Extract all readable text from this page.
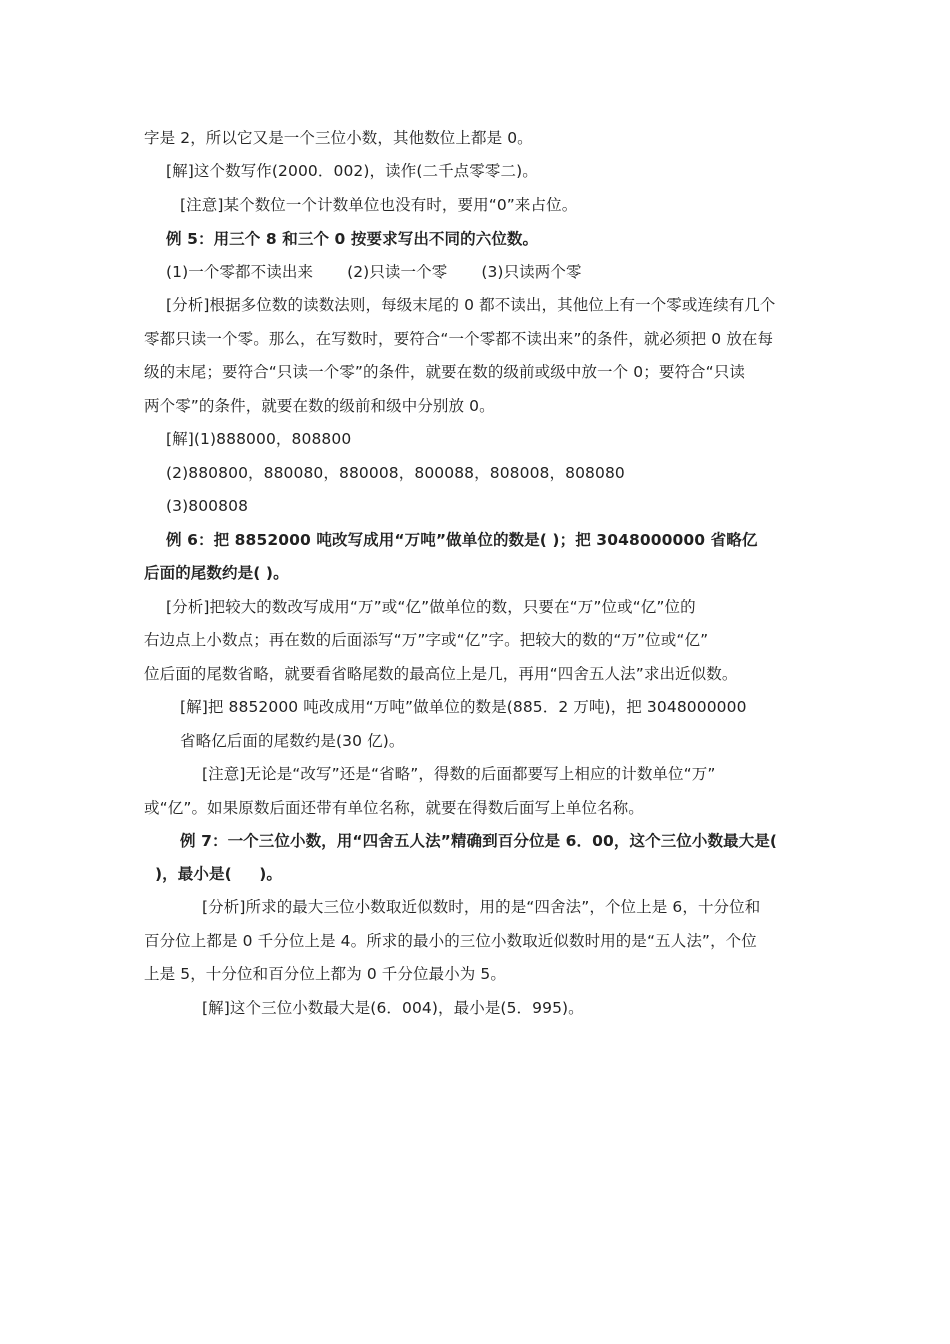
字是 2，所以它又是一个三位小数，其他数位上都是 0。
[解]这个数写作(2000．002)，读作(二千点零零二)。
[注意]某个数位一个计数单位也没有时，要用“0”来占位。
例 5：用三个 8 和三个 0 按要求写出不同的六位数。
(1)一个零都不读出来 (2)只读一个零 (3)只读两个零
[分析]根据多位数的读数法则，每级末尾的 0 都不读出，其他位上有一个零或连续有几个
零都只读一个零。那么，在写数时，要符合“一个零都不读出来”的条件，就必须把 0 放在每
级的末尾；要符合“只读一个零”的条件，就要在数的级前或级中放一个 0；要符合“只读
两个零”的条件，就要在数的级前和级中分别放 0。
[解](1)888000，808800
(2)880800，880080，880008，800088，808008，808080
(3)800808
例 6：把 8852000 吨改写成用“万吨”做单位的数是( )；把 3048000000 省略亿
后面的尾数约是( )。
[分析]把较大的数改写成用“万”或“亿”做单位的数，只要在“万”位或“亿”位的
右边点上小数点；再在数的后面添写“万”字或“亿”字。把较大的数的“万”位或“亿”
位后面的尾数省略，就要看省略尾数的最高位上是几，再用“四舍五人法”求出近似数。
[解]把 8852000 吨改成用“万吨”做单位的数是(885．2 万吨)，把 3048000000
省略亿后面的尾数约是(30 亿)。
[注意]无论是“改写”还是“省略”，得数的后面都要写上相应的计数单位“万”
或“亿”。如果原数后面还带有单位名称，就要在得数后面写上单位名称。
例 7：一个三位小数，用“四舍五人法”精确到百分位是 6．00，这个三位小数最大是(
)，最小是(     )。
[分析]所求的最大三位小数取近似数时，用的是“四舍法”，个位上是 6，十分位和
百分位上都是 0 千分位上是 4。所求的最小的三位小数取近似数时用的是“五人法”，个位
上是 5，十分位和百分位上都为 0 千分位最小为 5。
[解]这个三位小数最大是(6．004)，最小是(5．995)。
